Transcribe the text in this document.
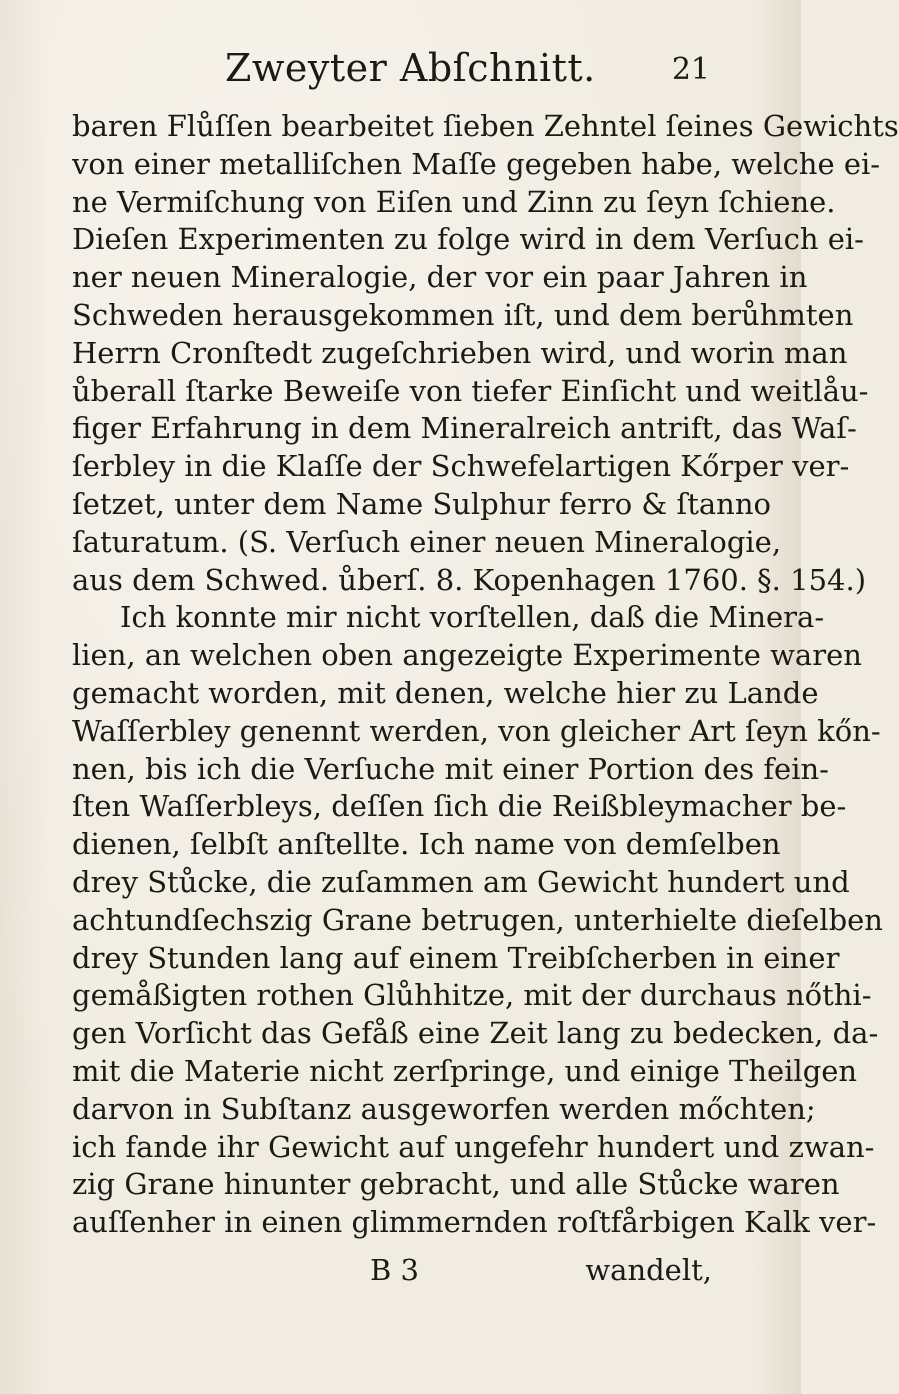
Zweyter Abſchnitt.	21
baren Flůſſen bearbeitet ſieben Zehntel ſeines Gewichts
von einer metalliſchen Maſſe gegeben habe, welche ei-
ne Vermiſchung von Eiſen und Zinn zu ſeyn ſchiene.
Dieſen Experimenten zu folge wird in dem Verſuch ei-
ner neuen Mineralogie, der vor ein paar Jahren in
Schweden herausgekommen iſt, und dem berůhmten
Herrn Cronſtedt zugeſchrieben wird, und worin man
ůberall ſtarke Beweiſe von tiefer Einſicht und weitlåu-
figer Erfahrung in dem Mineralreich antrift, das Waſ-
ſerbley in die Klaſſe der Schwefelartigen Kőrper ver-
ſetzet, unter dem Name Sulphur ferro & ſtanno
ſaturatum. (S. Verſuch einer neuen Mineralogie,
aus dem Schwed. ůberſ. 8. Kopenhagen 1760. §. 154.)
Ich konnte mir nicht vorſtellen, daß die Minera-
lien, an welchen oben angezeigte Experimente waren
gemacht worden, mit denen, welche hier zu Lande
Waſſerbley genennt werden, von gleicher Art ſeyn kőn-
nen, bis ich die Verſuche mit einer Portion des fein-
ſten Waſſerbleys, deſſen ſich die Reißbleymacher be-
dienen, ſelbſt anſtellte. Ich name von demſelben
drey Stůcke, die zuſammen am Gewicht hundert und
achtundſechszig Grane betrugen, unterhielte dieſelben
drey Stunden lang auf einem Treibſcherben in einer
gemåßigten rothen Glůhhitze, mit der durchaus nőthi-
gen Vorſicht das Gefåß eine Zeit lang zu bedecken, da-
mit die Materie nicht zerſpringe, und einige Theilgen
darvon in Subſtanz ausgeworfen werden mőchten;
ich fande ihr Gewicht auf ungefehr hundert und zwan-
zig Grane hinunter gebracht, und alle Stůcke waren
auſſenher in einen glimmernden roſtfårbigen Kalk ver-
B 3	wandelt,
